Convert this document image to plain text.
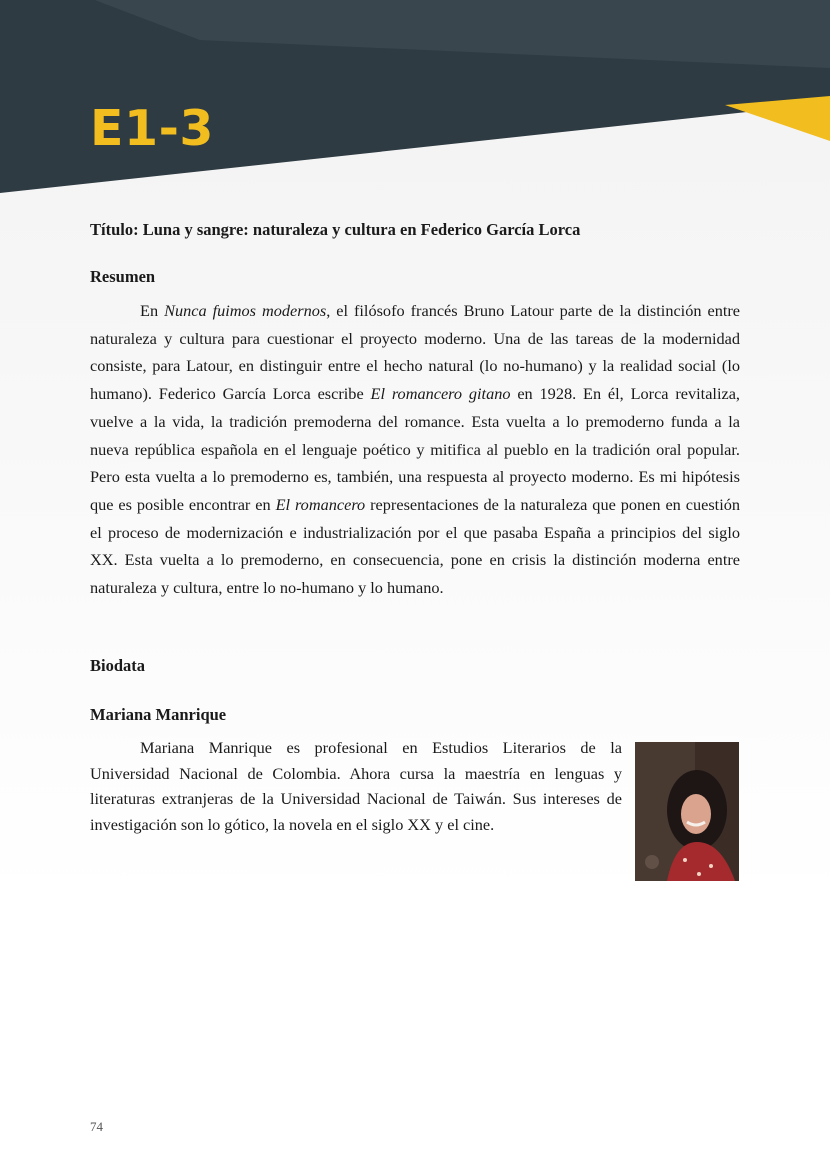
E1-3
Título: Luna y sangre: naturaleza y cultura en Federico García Lorca
Resumen

En Nunca fuimos modernos, el filósofo francés Bruno Latour parte de la distinción entre naturaleza y cultura para cuestionar el proyecto moderno. Una de las tareas de la modernidad consiste, para Latour, en distinguir entre el hecho natural (lo no-humano) y la realidad social (lo humano). Federico García Lorca escribe El romancero gitano en 1928. En él, Lorca revitaliza, vuelve a la vida, la tradición premoderna del romance. Esta vuelta a lo premoderno funda a la nueva república española en el lenguaje poético y mitifica al pueblo en la tradición oral popular. Pero esta vuelta a lo premoderno es, también, una respuesta al proyecto moderno. Es mi hipótesis que es posible encontrar en El romancero representaciones de la naturaleza que ponen en cuestión el proceso de modernización e industrialización por el que pasaba España a principios del siglo XX. Esta vuelta a lo premoderno, en consecuencia, pone en crisis la distinción moderna entre naturaleza y cultura, entre lo no-humano y lo humano.

Biodata
Mariana Manrique

Mariana Manrique es profesional en Estudios Literarios de la Universidad Nacional de Colombia. Ahora cursa la maestría en lenguas y literaturas extranjeras de la Universidad Nacional de Taiwán. Sus intereses de investigación son lo gótico, la novela en el siglo XX y el cine.

74
